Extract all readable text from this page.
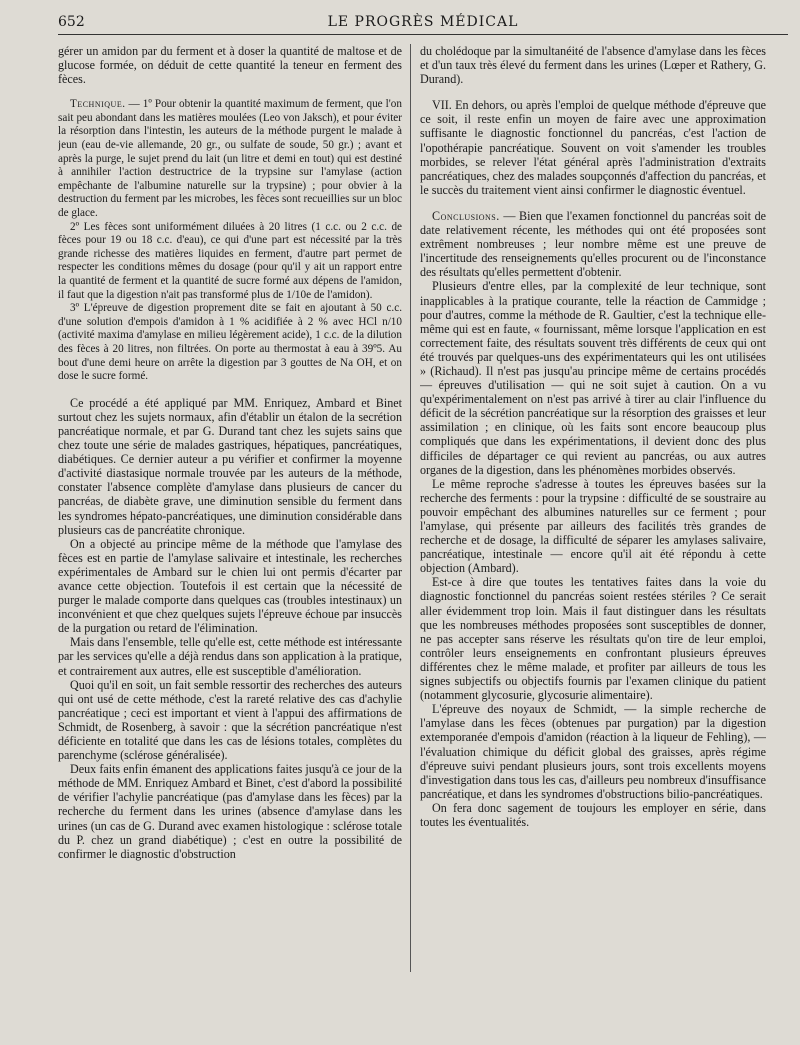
652	LE PROGRÈS MÉDICAL

gérer un amidon par du ferment et à doser la quantité de maltose et de glucose formée, on déduit de cette quantité la teneur en ferment des fèces.

Technique. — 1º Pour obtenir la quantité maximum de ferment, que l'on sait peu abondant dans les matières moulées (Leo von Jaksch), et pour éviter la résorption dans l'intestin, les auteurs de la méthode purgent le malade à jeun (eau de-vie allemande, 20 gr., ou sulfate de soude, 50 gr.) ; avant et après la purge, le sujet prend du lait (un litre et demi en tout) qui est destiné à annihiler l'action destructrice de la trypsine sur l'amylase (action empêchante de l'albumine naturelle sur la trypsine) ; pour obvier à la destruction du ferment par les microbes, les fèces sont recueillies sur un bloc de glace.

2º Les fèces sont uniformément diluées à 20 litres (1 c.c. ou 2 c.c. de fèces pour 19 ou 18 c.c. d'eau), ce qui d'une part est nécessité par la très grande richesse des matières liquides en ferment, d'autre part permet de respecter les conditions mêmes du dosage (pour qu'il y ait un rapport entre la quantité de ferment et la quantité de sucre formé aux dépens de l'amidon, il faut que la digestion n'ait pas transformé plus de 1/10e de l'amidon).

3º L'épreuve de digestion proprement dite se fait en ajoutant à 50 c.c. d'une solution d'empois d'amidon à 1 % acidifiée à 2 % avec HCl n/10 (activité maxima d'amylase en milieu légèrement acide), 1 c.c. de la dilution des fèces à 20 litres, non filtrées. On porte au thermostat à eau à 39º5. Au bout d'une demi heure on arrête la digestion par 3 gouttes de Na OH, et on dose le sucre formé.

Ce procédé a été appliqué par MM. Enriquez, Ambard et Binet surtout chez les sujets normaux, afin d'établir un étalon de la secrétion pancréatique normale, et par G. Durand tant chez les sujets sains que chez toute une série de malades gastriques, hépatiques, pancréatiques, diabétiques. Ce dernier auteur a pu vérifier et confirmer la moyenne d'activité diastasique normale trouvée par les auteurs de la méthode, constater l'absence complète d'amylase dans plusieurs de cancer du pancréas, de diabète grave, une diminution sensible du ferment dans les syndromes hépato-pancréatiques, une diminution considérable dans plusieurs cas de pancréatite chronique.

On a objecté au principe même de la méthode que l'amylase des fèces est en partie de l'amylase salivaire et intestinale, les recherches expérimentales de Ambard sur le chien lui ont permis d'écarter par avance cette objection. Toutefois il est certain que la nécessité de purger le malade comporte dans quelques cas (troubles intestinaux) un inconvénient et que chez quelques sujets l'épreuve échoue par insuccès de la purgation ou retard de l'élimination.

Mais dans l'ensemble, telle qu'elle est, cette méthode est intéressante par les services qu'elle a déjà rendus dans son application à la pratique, et contrairement aux autres, elle est susceptible d'amélioration.

Quoi qu'il en soit, un fait semble ressortir des recherches des auteurs qui ont usé de cette méthode, c'est la rareté relative des cas d'achylie pancréatique ; ceci est important et vient à l'appui des affirmations de Schmidt, de Rosenberg, à savoir : que la sécrétion pancréatique n'est déficiente en totalité que dans les cas de lésions totales, complètes du parenchyme (sclérose généralisée).

Deux faits enfin émanent des applications faites jusqu'à ce jour de la méthode de MM. Enriquez Ambard et Binet, c'est d'abord la possibilité de vérifier l'achylie pancréatique (pas d'amylase dans les fèces) par la recherche du ferment dans les urines (absence d'amylase dans les urines (un cas de G. Durand avec examen histologique : sclérose totale du P. chez un grand diabétique) ; c'est en outre la possibilité de confirmer le diagnostic d'obstruction

du cholédoque par la simultanéité de l'absence d'amylase dans les fèces et d'un taux très élevé du ferment dans les urines (Lœper et Rathery, G. Durand).

VII. En dehors, ou après l'emploi de quelque méthode d'épreuve que ce soit, il reste enfin un moyen de faire avec une approximation suffisante le diagnostic fonctionnel du pancréas, c'est l'action de l'opothérapie pancréatique. Souvent on voit s'amender les troubles morbides, se relever l'état général après l'administration d'extraits pancréatiques, chez des malades soupçonnés d'affection du pancréas, et le succès du traitement vient ainsi confirmer le diagnostic éventuel.

Conclusions. — Bien que l'examen fonctionnel du pancréas soit de date relativement récente, les méthodes qui ont été proposées sont extrêment nombreuses ; leur nombre même est une preuve de l'incertitude des renseignements qu'elles procurent ou de l'inconstance des résultats qu'elles permettent d'obtenir.

Plusieurs d'entre elles, par la complexité de leur technique, sont inapplicables à la pratique courante, telle la réaction de Cammidge ; pour d'autres, comme la méthode de R. Gaultier, c'est la technique elle-même qui est en faute, « fournissant, même lorsque l'application en est correctement faite, des résultats souvent très différents de ceux qui ont été trouvés par quelques-uns des expérimentateurs qui les ont utilisées » (Richaud). Il n'est pas jusqu'au principe même de certains procédés — épreuves d'utilisation — qui ne soit sujet à caution. On a vu qu'expérimentalement on n'est pas arrivé à tirer au clair l'influence du déficit de la sécrétion pancréatique sur la résorption des graisses et leur assimilation ; en clinique, où les faits sont encore beaucoup plus compliqués que dans les expérimentations, il devient donc des plus difficiles de départager ce qui revient au pancréas, ou aux autres organes de la digestion, dans les phénomènes morbides observés.

Le même reproche s'adresse à toutes les épreuves basées sur la recherche des ferments : pour la trypsine : difficulté de se soustraire au pouvoir empêchant des albumines naturelles sur ce ferment ; pour l'amylase, qui présente par ailleurs des facilités très grandes de recherche et de dosage, la difficulté de séparer les amylases salivaire, pancréatique, intestinale — encore qu'il ait été répondu à cette objection (Ambard).

Est-ce à dire que toutes les tentatives faites dans la voie du diagnostic fonctionnel du pancréas soient restées stériles ? Ce serait aller évidemment trop loin. Mais il faut distinguer dans les résultats que les nombreuses méthodes proposées sont susceptibles de donner, ne pas accepter sans réserve les résultats qu'on tire de leur emploi, contrôler leurs enseignements en confrontant plusieurs épreuves différentes chez le même malade, et profiter par ailleurs de tous les signes subjectifs ou objectifs fournis par l'examen clinique du patient (notamment glycosurie, glycosurie alimentaire).

L'épreuve des noyaux de Schmidt, — la simple recherche de l'amylase dans les fèces (obtenues par purgation) par la digestion extemporanée d'empois d'amidon (réaction à la liqueur de Fehling), — l'évaluation chimique du déficit global des graisses, après régime d'épreuve suivi pendant plusieurs jours, sont trois excellents moyens d'investigation dans tous les cas, d'ailleurs peu nombreux d'insuffisance pancréatique, et dans les syndromes d'obstructions bilio-pancréatiques.

On fera donc sagement de toujours les employer en série, dans toutes les éventualités.
